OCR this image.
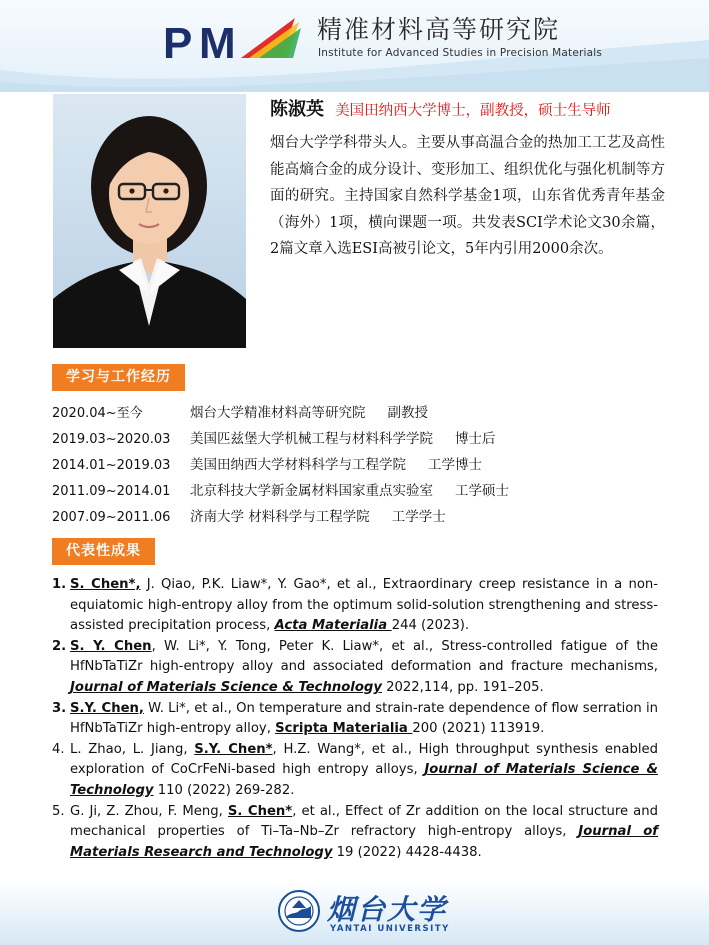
P M	精准材料高等研究院
Institute for Advanced Studies in Precision Materials
陈淑英 美国田纳西大学博士，副教授，硕士生导师
烟台大学学科带头人。主要从事高温合金的热加工工艺及高性能高熵合金的成分设计、变形加工、组织优化与强化机制等方面的研究。主持国家自然科学基金1项，山东省优秀青年基金（海外）1项，横向课题一项。共发表SCI学术论文30余篇，2篇文章入选ESI高被引论文，5年内引用2000余次。
学习与工作经历
2020.04~至今	烟台大学精准材料高等研究院 副教授
2019.03~2020.03 美国匹兹堡大学机械工程与材料科学学院 博士后
2014.01~2019.03 美国田纳西大学材料科学与工程学院 工学博士
2011.09~2014.01 北京科技大学新金属材料国家重点实验室 工学硕士
2007.09~2011.06 济南大学 材料科学与工程学院 工学学士
代表性成果
1. S. Chen*, J. Qiao, P.K. Liaw*, Y. Gao*, et al., Extraordinary creep resistance in a non-equiatomic high-entropy alloy from the optimum solid-solution strengthening and stress-assisted precipitation process, Acta Materialia 244 (2023).
2. S. Y. Chen, W. Li*, Y. Tong, Peter K. Liaw*, et al., Stress-controlled fatigue of the HfNbTaTiZr high-entropy alloy and associated deformation and fracture mechanisms, Journal of Materials Science & Technology 2022,114, pp. 191–205.
3. S.Y. Chen, W. Li*, et al., On temperature and strain-rate dependence of flow serration in HfNbTaTiZr high-entropy alloy, Scripta Materialia 200 (2021) 113919.
4. L. Zhao, L. Jiang, S.Y. Chen*, H.Z. Wang*, et al., High throughput synthesis enabled exploration of CoCrFeNi-based high entropy alloys, Journal of Materials Science & Technology 110 (2022) 269-282.
5. G. Ji, Z. Zhou, F. Meng, S. Chen*, et al., Effect of Zr addition on the local structure and mechanical properties of Ti–Ta–Nb–Zr refractory high-entropy alloys, Journal of Materials Research and Technology 19 (2022) 4428-4438.
烟台大学
YANTAI UNIVERSITY
